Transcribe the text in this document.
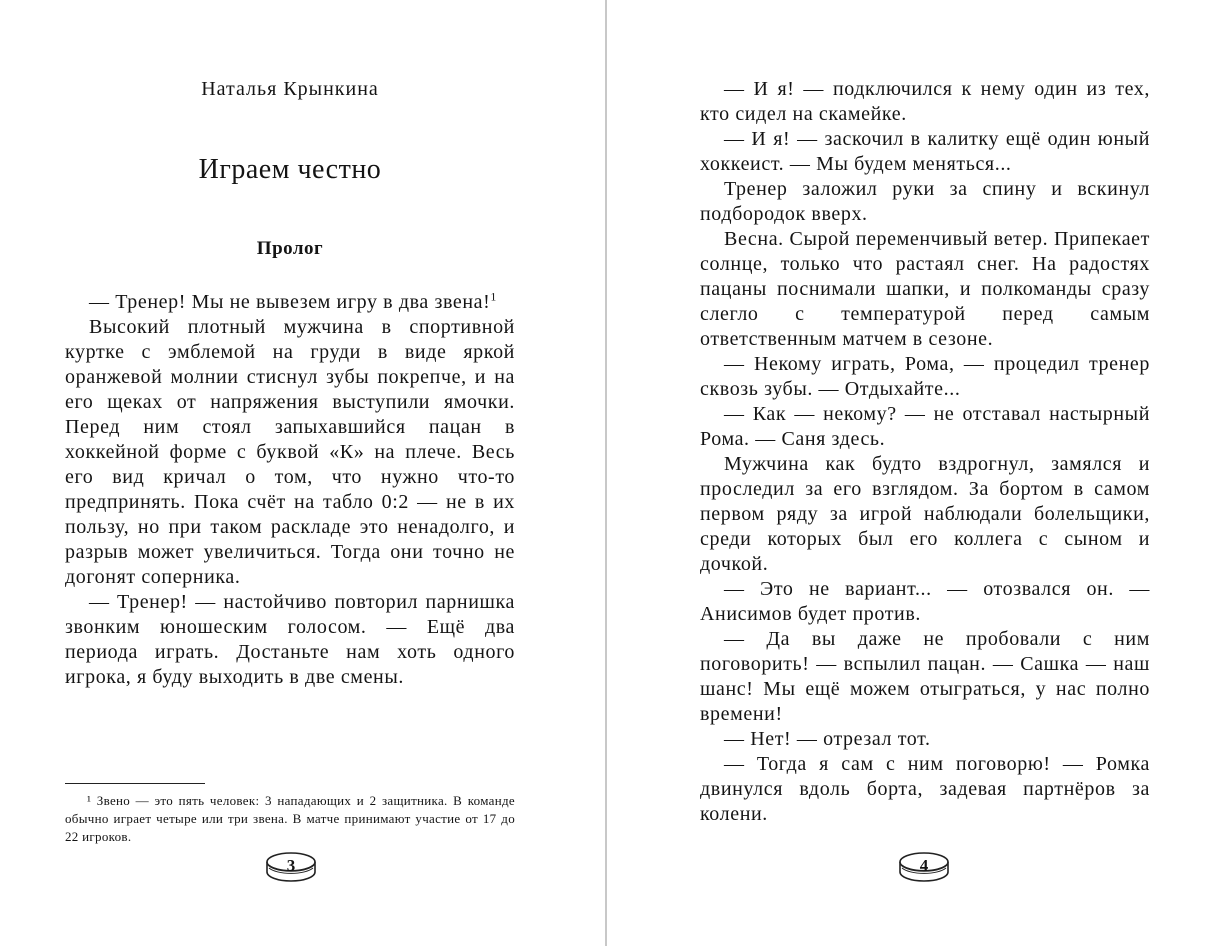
Наталья Крынкина
Играем честно
Пролог

— Тренер! Мы не вывезем игру в два звена!$^1$

Высокий плотный мужчина в спортивной куртке с эмблемой на груди в виде яркой оранжевой молнии стиснул зубы покрепче, и на его щеках от напряжения выступили ямочки. Перед ним стоял запыхавшийся пацан в хоккейной форме с буквой «К» на плече. Весь его вид кричал о том, что нужно что-то предпринять. Пока счёт на табло 0:2 — не в их пользу, но при таком раскладе это ненадолго, и разрыв может увеличиться. Тогда они точно не догонят соперника.

— Тренер! — настойчиво повторил парнишка звонким юношеским голосом. — Ещё два периода играть. Достаньте нам хоть одного игрока, я буду выходить в две смены.

¹ Звено — это пять человек: 3 нападающих и 2 защитника. В команде обычно играет четыре или три звена. В матче принимают участие от 17 до 22 игроков.

3

— И я! — подключился к нему один из тех, кто сидел на скамейке.

— И я! — заскочил в калитку ещё один юный хоккеист. — Мы будем меняться...

Тренер заложил руки за спину и вскинул подбородок вверх.

Весна. Сырой переменчивый ветер. Припекает солнце, только что растаял снег. На радостях пацаны поснимали шапки, и полкоманды сразу слегло с температурой перед самым ответственным матчем в сезоне.

— Некому играть, Рома, — процедил тренер сквозь зубы. — Отдыхайте...

— Как — некому? — не отставал настырный Рома. — Саня здесь.

Мужчина как будто вздрогнул, замялся и проследил за его взглядом. За бортом в самом первом ряду за игрой наблюдали болельщики, среди которых был его коллега с сыном и дочкой.

— Это не вариант... — отозвался он. — Анисимов будет против.

— Да вы даже не пробовали с ним поговорить! — вспылил пацан. — Сашка — наш шанс! Мы ещё можем отыграться, у нас полно времени!

— Нет! — отрезал тот.

— Тогда я сам с ним поговорю! — Ромка двинулся вдоль борта, задевая партнёров за колени.

4
